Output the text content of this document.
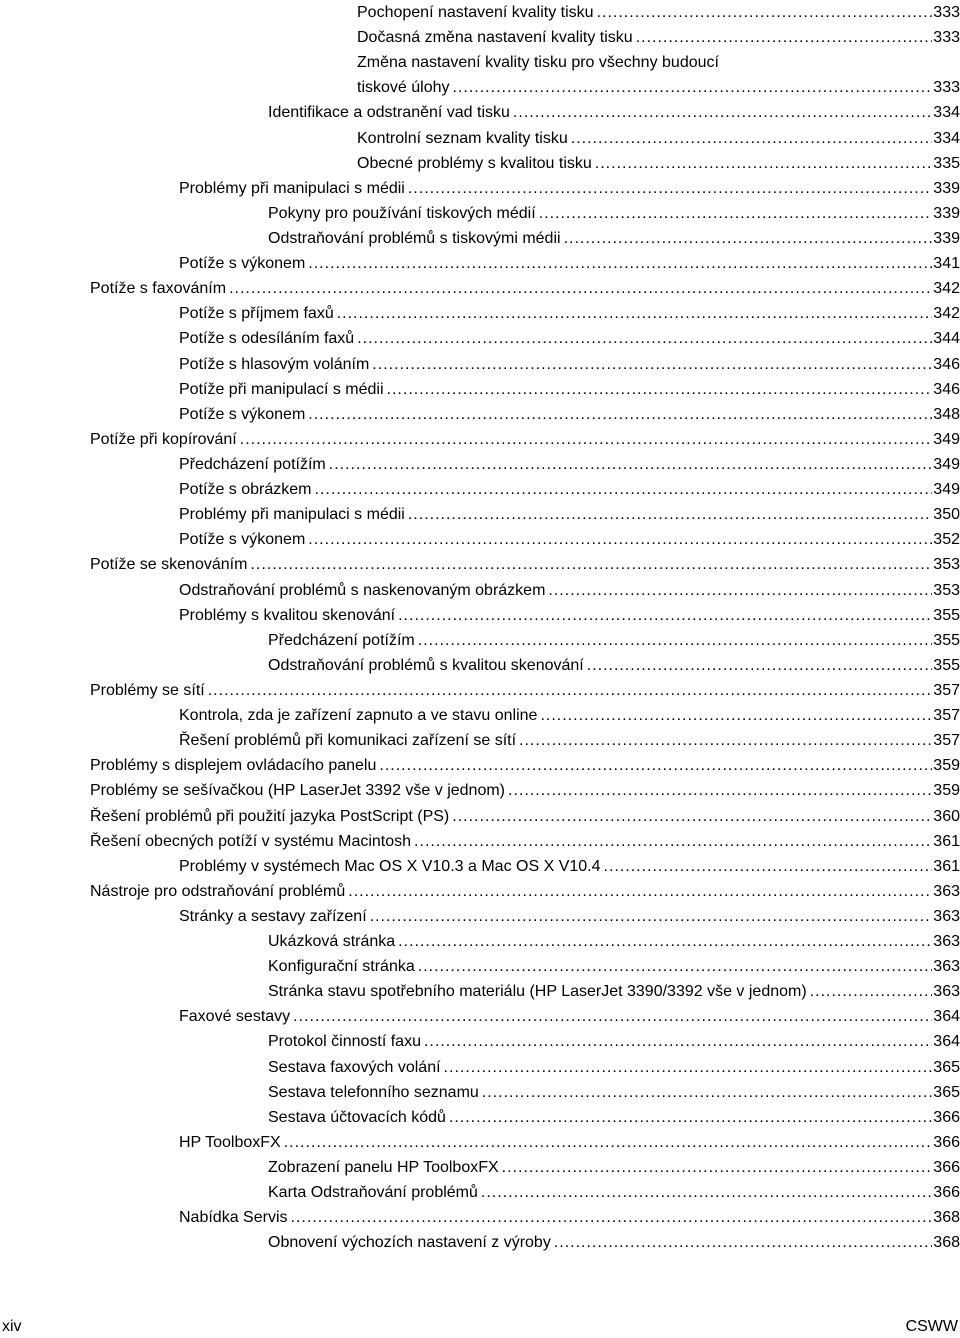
Pochopení nastavení kvality tisku .....	333
Dočasná změna nastavení kvality tisku .....	333
Změna nastavení kvality tisku pro všechny budoucí
tiskové úlohy .....	333
Identifikace a odstranění vad tisku .....	334
Kontrolní seznam kvality tisku .....	334
Obecné problémy s kvalitou tisku .....	335
Problémy při manipulaci s médii .....	339
Pokyny pro používání tiskových médií .....	339
Odstraňování problémů s tiskovými médii .....	339
Potíže s výkonem .....	341
Potíže s faxováním .....	342
Potíže s příjmem faxů .....	342
Potíže s odesíláním faxů .....	344
Potíže s hlasovým voláním .....	346
Potíže při manipulací s médii .....	346
Potíže s výkonem .....	348
Potíže při kopírování .....	349
Předcházení potížím .....	349
Potíže s obrázkem .....	349
Problémy při manipulaci s médii .....	350
Potíže s výkonem .....	352
Potíže se skenováním .....	353
Odstraňování problémů s naskenovaným obrázkem .....	353
Problémy s kvalitou skenování .....	355
Předcházení potížím .....	355
Odstraňování problémů s kvalitou skenování .....	355
Problémy se sítí .....	357
Kontrola, zda je zařízení zapnuto a ve stavu online .....	357
Řešení problémů při komunikaci zařízení se sítí .....	357
Problémy s displejem ovládacího panelu .....	359
Problémy se sešívačkou (HP LaserJet 3392 vše v jednom) .....	359
Řešení problémů při použití jazyka PostScript (PS) .....	360
Řešení obecných potíží v systému Macintosh .....	361
Problémy v systémech Mac OS X V10.3 a Mac OS X V10.4 .....	361
Nástroje pro odstraňování problémů .....	363
Stránky a sestavy zařízení .....	363
Ukázková stránka .....	363
Konfigurační stránka .....	363
Stránka stavu spotřebního materiálu (HP LaserJet 3390/3392 vše v jednom) .....	363
Faxové sestavy .....	364
Protokol činností faxu .....	364
Sestava faxových volání .....	365
Sestava telefonního seznamu .....	365
Sestava účtovacích kódů .....	366
HP ToolboxFX .....	366
Zobrazení panelu HP ToolboxFX .....	366
Karta Odstraňování problémů .....	366
Nabídka Servis .....	368
Obnovení výchozích nastavení z výroby .....	368
xiv	CSWW
